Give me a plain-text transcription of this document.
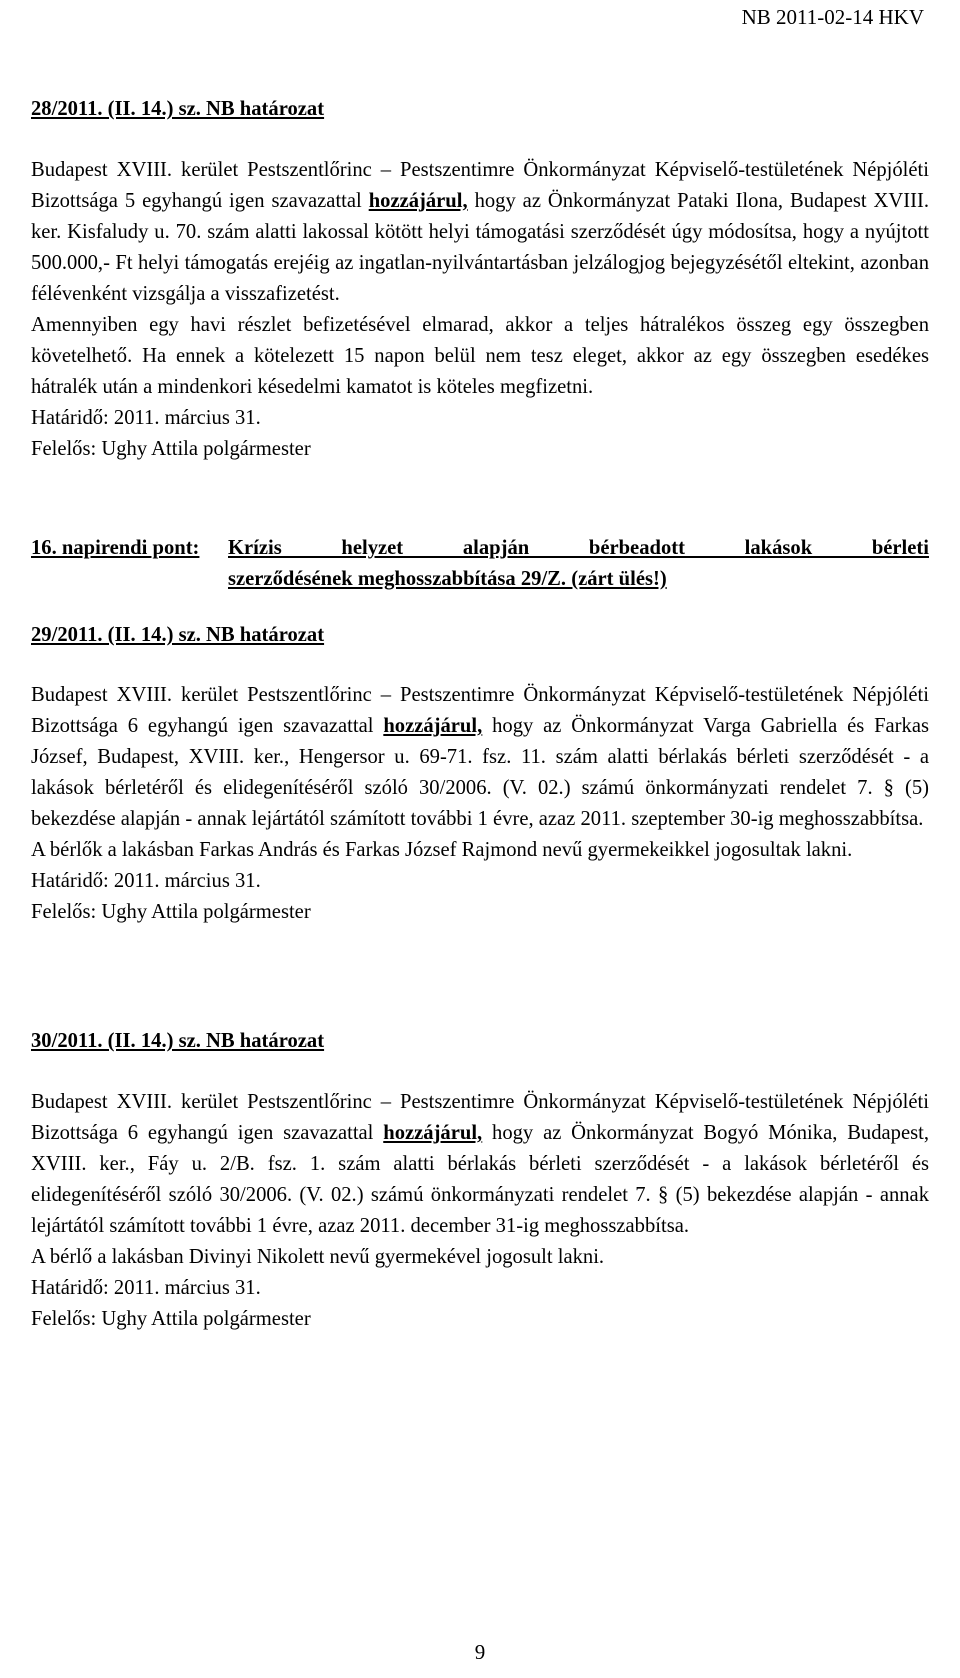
NB 2011-02-14 HKV
28/2011. (II. 14.) sz. NB határozat

Budapest XVIII. kerület Pestszentlőrinc – Pestszentimre Önkormányzat Képviselő-testületének Népjóléti Bizottsága 5 egyhangú igen szavazattal hozzájárul, hogy az Önkormányzat Pataki Ilona, Budapest XVIII. ker. Kisfaludy u. 70. szám alatti lakossal kötött helyi támogatási szerződését úgy módosítsa, hogy a nyújtott 500.000,- Ft helyi támogatás erejéig az ingatlan-nyilvántartásban jelzálogjog bejegyzésétől eltekint, azonban félévenként vizsgálja a visszafizetést.

Amennyiben egy havi részlet befizetésével elmarad, akkor a teljes hátralékos összeg egy összegben követelhető. Ha ennek a kötelezett 15 napon belül nem tesz eleget, akkor az egy összegben esedékes hátralék után a mindenkori késedelmi kamatot is köteles megfizetni.

Határidő: 2011. március 31.

Felelős: Ughy Attila polgármester

16. napirendi pont: Krízis helyzet alapján bérbeadott lakások bérleti
szerződésének meghosszabbítása 29/Z. (zárt ülés!)
29/2011. (II. 14.) sz. NB határozat

Budapest XVIII. kerület Pestszentlőrinc – Pestszentimre Önkormányzat Képviselő-testületének Népjóléti Bizottsága 6 egyhangú igen szavazattal hozzájárul, hogy az Önkormányzat Varga Gabriella és Farkas József, Budapest, XVIII. ker., Hengersor u. 69-71. fsz. 11. szám alatti bérlakás bérleti szerződését - a lakások bérletéről és elidegenítéséről szóló 30/2006. (V. 02.) számú önkormányzati rendelet 7. § (5) bekezdése alapján - annak lejártától számított további 1 évre, azaz 2011. szeptember 30-ig meghosszabbítsa.

A bérlők a lakásban Farkas András és Farkas József Rajmond nevű gyermekeikkel jogosultak lakni.

Határidő: 2011. március 31.

Felelős: Ughy Attila polgármester

30/2011. (II. 14.) sz. NB határozat

Budapest XVIII. kerület Pestszentlőrinc – Pestszentimre Önkormányzat Képviselő-testületének Népjóléti Bizottsága 6 egyhangú igen szavazattal hozzájárul, hogy az Önkormányzat Bogyó Mónika, Budapest, XVIII. ker., Fáy u. 2/B. fsz. 1. szám alatti bérlakás bérleti szerződését - a lakások bérletéről és elidegenítéséről szóló 30/2006. (V. 02.) számú önkormányzati rendelet 7. § (5) bekezdése alapján - annak lejártától számított további 1 évre, azaz 2011. december 31-ig meghosszabbítsa.

A bérlő a lakásban Divinyi Nikolett nevű gyermekével jogosult lakni.

Határidő: 2011. március 31.

Felelős: Ughy Attila polgármester

9
